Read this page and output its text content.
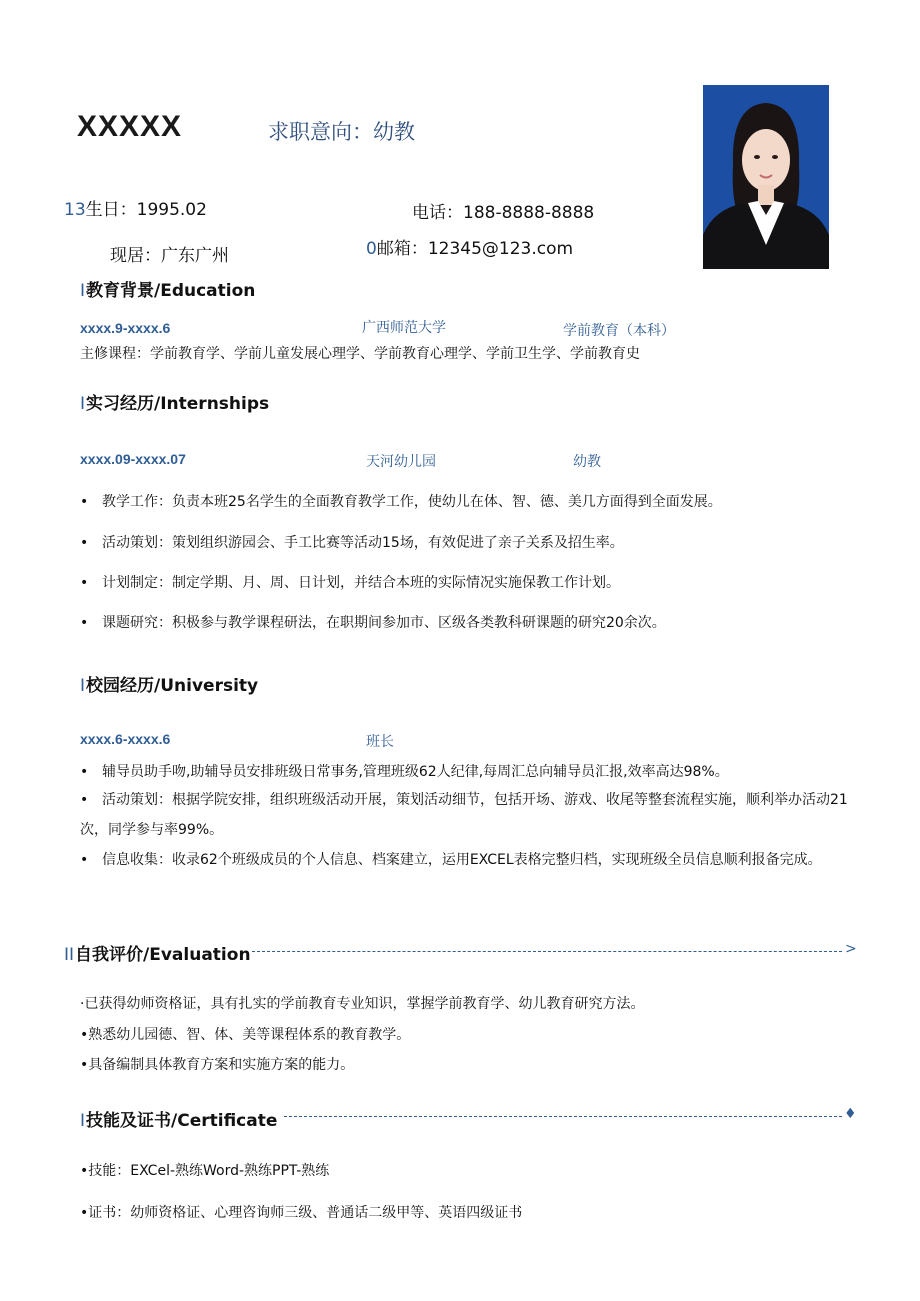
XXXXX	求职意向：幼教
13生日：1995.02	电话：188-8888-8888
现居：广东广州	0邮箱：12345@123.com
I教育背景/Education
xxxx.9-xxxx.6	广西师范大学	学前教育（本科）
主修课程：学前教育学、学前儿童发展心理学、学前教育心理学、学前卫生学、学前教育史
I实习经历/Internships
xxxx.09-xxxx.07	天河幼儿园	幼教
• 教学工作：负责本班25名学生的全面教育教学工作，使幼儿在体、智、德、美几方面得到全面发展。
• 活动策划：策划组织游园会、手工比赛等活动15场，有效促进了亲子关系及招生率。
• 计划制定：制定学期、月、周、日计划，并结合本班的实际情况实施保教工作计划。
• 课题研究：积极参与教学课程研法，在职期间参加市、区级各类教科研课题的研究20余次。
I校园经历/University
xxxx.6-xxxx.6	班长
• 辅导员助手吻,助辅导员安排班级日常事务,管理班级62人纪律,每周汇总向辅导员汇报,效率高达98%。
• 活动策划：根据学院安排，组织班级活动开展，策划活动细节，包括开场、游戏、收尾等整套流程实施，顺利举办活动21次，同学参与率99%。
• 信息收集：收录62个班级成员的个人信息、档案建立，运用EXCEL表格完整归档，实现班级全员信息顺利报备完成。
II自我评价/Evaluation	>
·已获得幼师资格证，具有扎实的学前教育专业知识，掌握学前教育学、幼儿教育研究方法。
•熟悉幼儿园德、智、体、美等课程体系的教育教学。
•具备编制具体教育方案和实施方案的能力。
I技能及证书/Certificate	♦
•技能：EXCel-熟练Word-熟练PPT-熟练
•证书：幼师资格证、心理咨询师三级、普通话二级甲等、英语四级证书
